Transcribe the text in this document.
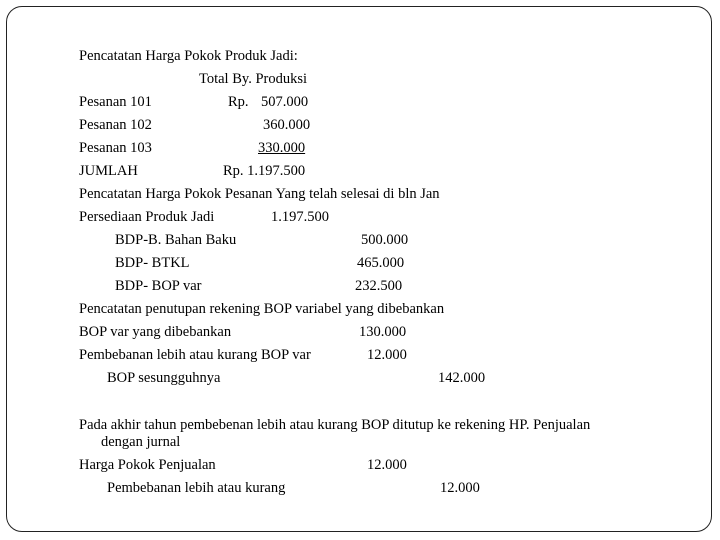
Pencatatan Harga Pokok Produk Jadi:
Total By. Produksi
Pesanan 101	Rp. 507.000
Pesanan 102	360.000
Pesanan 103	330.000
JUMLAH	Rp. 1.197.500
Pencatatan Harga Pokok Pesanan Yang telah selesai di bln Jan
Persediaan Produk Jadi	1.197.500
BDP-B. Bahan Baku	500.000
BDP- BTKL	465.000
BDP- BOP var	232.500
Pencatatan penutupan rekening BOP variabel yang dibebankan
BOP var yang dibebankan	130.000
Pembebanan lebih atau kurang BOP var	12.000
BOP sesungguhnya	142.000
Pada akhir tahun pembebenan lebih atau kurang BOP ditutup ke rekening HP. Penjualan
dengan jurnal
Harga Pokok Penjualan	12.000
Pembebanan lebih atau kurang	12.000
